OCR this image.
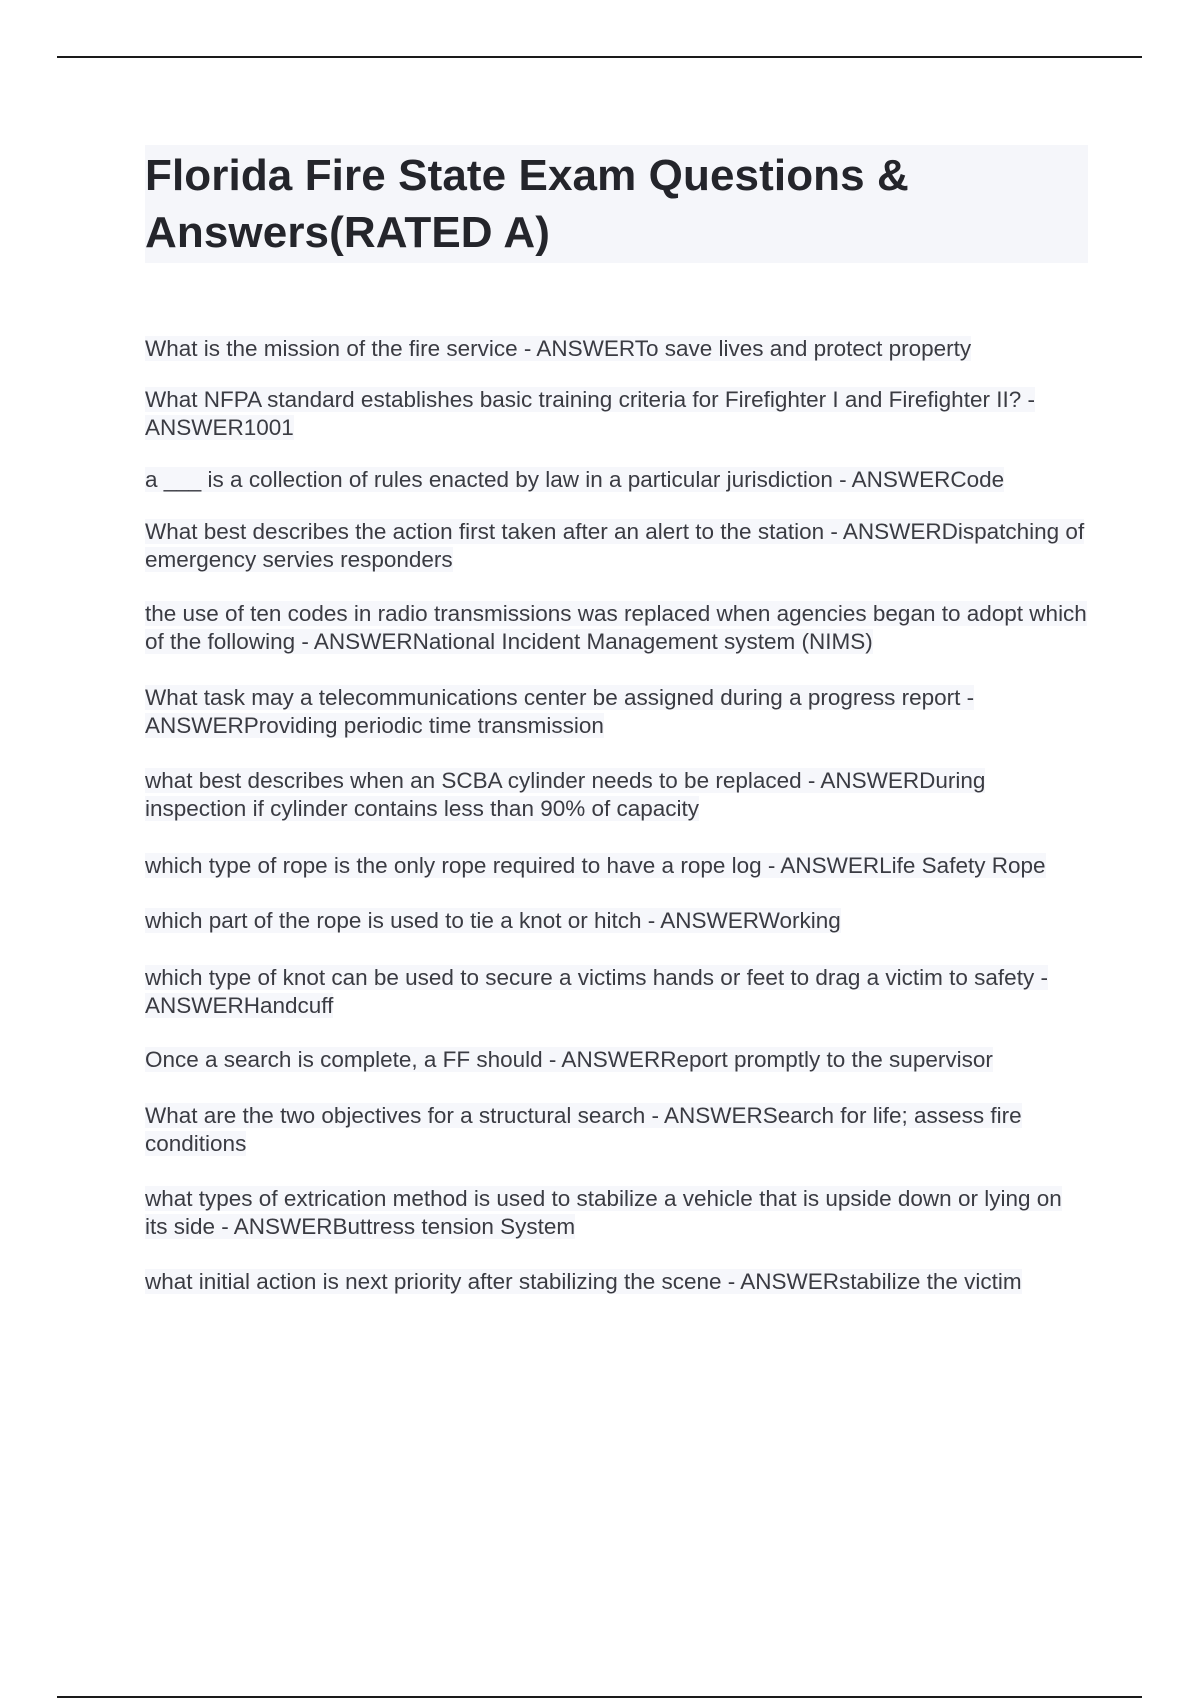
Florida Fire State Exam Questions & Answers(RATED A)
What is the mission of the fire service - ANSWERTo save lives and protect property
What NFPA standard establishes basic training criteria for Firefighter I and Firefighter II? - ANSWER1001
a ___ is a collection of rules enacted by law in a particular jurisdiction - ANSWERCode
What best describes the action first taken after an alert to the station - ANSWERDispatching of emergency servies responders
the use of ten codes in radio transmissions was replaced when agencies began to adopt which of the following - ANSWERNational Incident Management system (NIMS)
What task may a telecommunications center be assigned during a progress report - ANSWERProviding periodic time transmission
what best describes when an SCBA cylinder needs to be replaced - ANSWERDuring inspection if cylinder contains less than 90% of capacity
which type of rope is the only rope required to have a rope log - ANSWERLife Safety Rope
which part of the rope is used to tie a knot or hitch - ANSWERWorking
which type of knot can be used to secure a victims hands or feet to drag a victim to safety - ANSWERHandcuff
Once a search is complete, a FF should - ANSWERReport promptly to the supervisor
What are the two objectives for a structural search - ANSWERSearch for life; assess fire conditions
what types of extrication method is used to stabilize a vehicle that is upside down or lying on its side - ANSWERButtress tension System
what initial action is next priority after stabilizing the scene - ANSWERstabilize the victim
